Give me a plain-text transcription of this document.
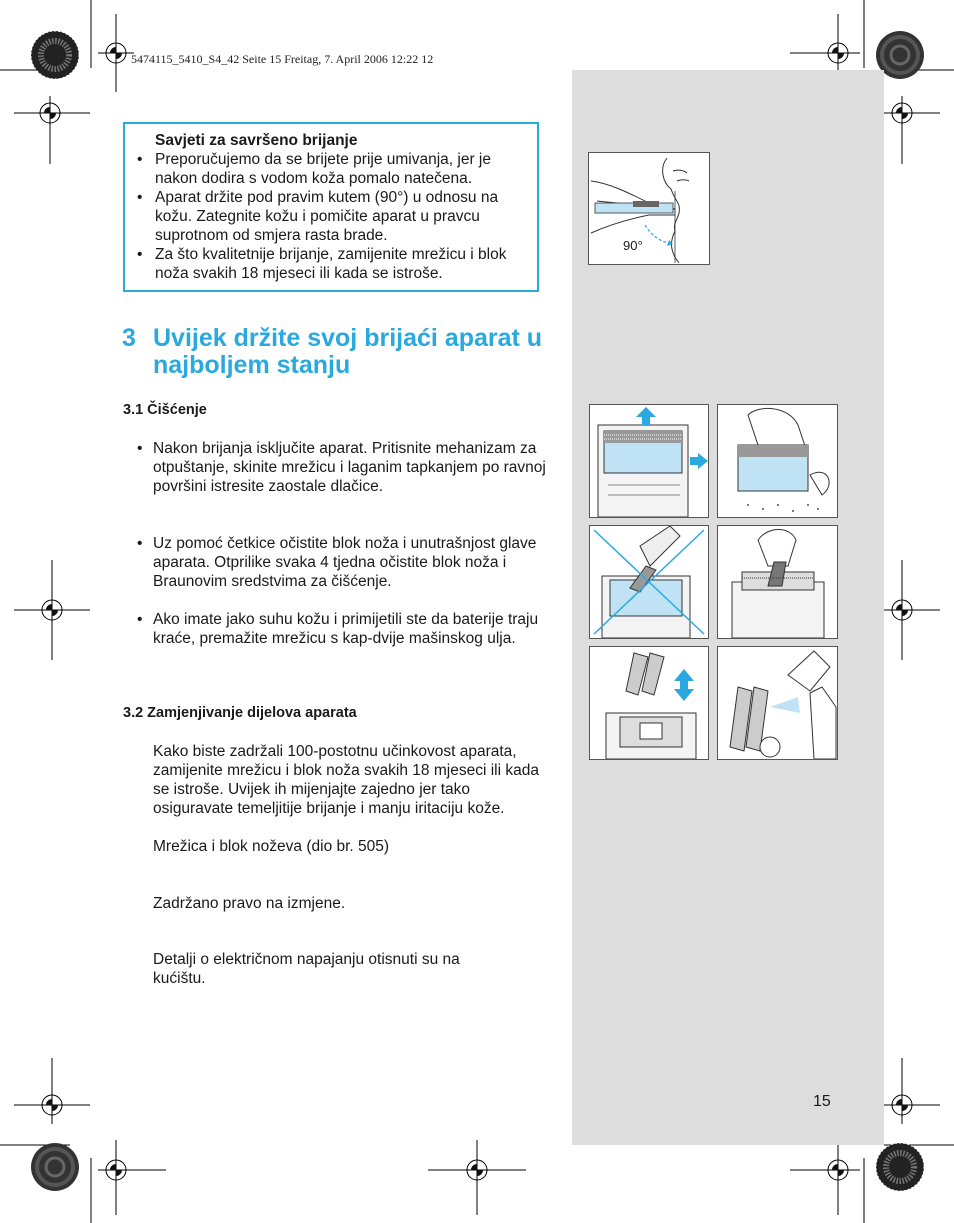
5474115_5410_S4_42 Seite 15 Freitag, 7. April 2006 12:22 12
Savjeti za savršeno brijanje
• Preporučujemo da se brijete prije umivanja, jer je nakon dodira s vodom koža pomalo natečena.
• Aparat držite pod pravim kutem (90°) u odnosu na kožu. Zategnite kožu i pomičite aparat u pravcu suprotnom od smjera rasta brade.
• Za što kvalitetnije brijanje, zamijenite mrežicu i blok noža svakih 18 mjeseci ili kada se istroše.
3 Uvijek držite svoj brijaći aparat u najboljem stanju
3.1 Čišćenje
• Nakon brijanja isključite aparat. Pritisnite mehanizam za otpuštanje, skinite mrežicu i laganim tapkanjem po ravnoj površini istresite zaostale dlačice.
• Uz pomoć četkice očistite blok noža i unutrašnjost glave aparata. Otprilike svaka 4 tjedna očistite blok noža i Braunovim sredstvima za čišćenje.
• Ako imate jako suhu kožu i primijetili ste da baterije traju kraće, premažite mrežicu s kap-dvije mašinskog ulja.
3.2 Zamjenjivanje dijelova aparata
Kako biste zadržali 100-postotnu učinkovost aparata, zamijenite mrežicu i blok noža svakih 18 mjeseci ili kada se istroše. Uvijek ih mijenjajte zajedno jer tako osiguravate temeljitije brijanje i manju iritaciju kože.
Mrežica i blok noževa (dio br. 505)
Zadržano pravo na izmjene.
Detalji o električnom napajanju otisnuti su na kućištu.
90°
15
